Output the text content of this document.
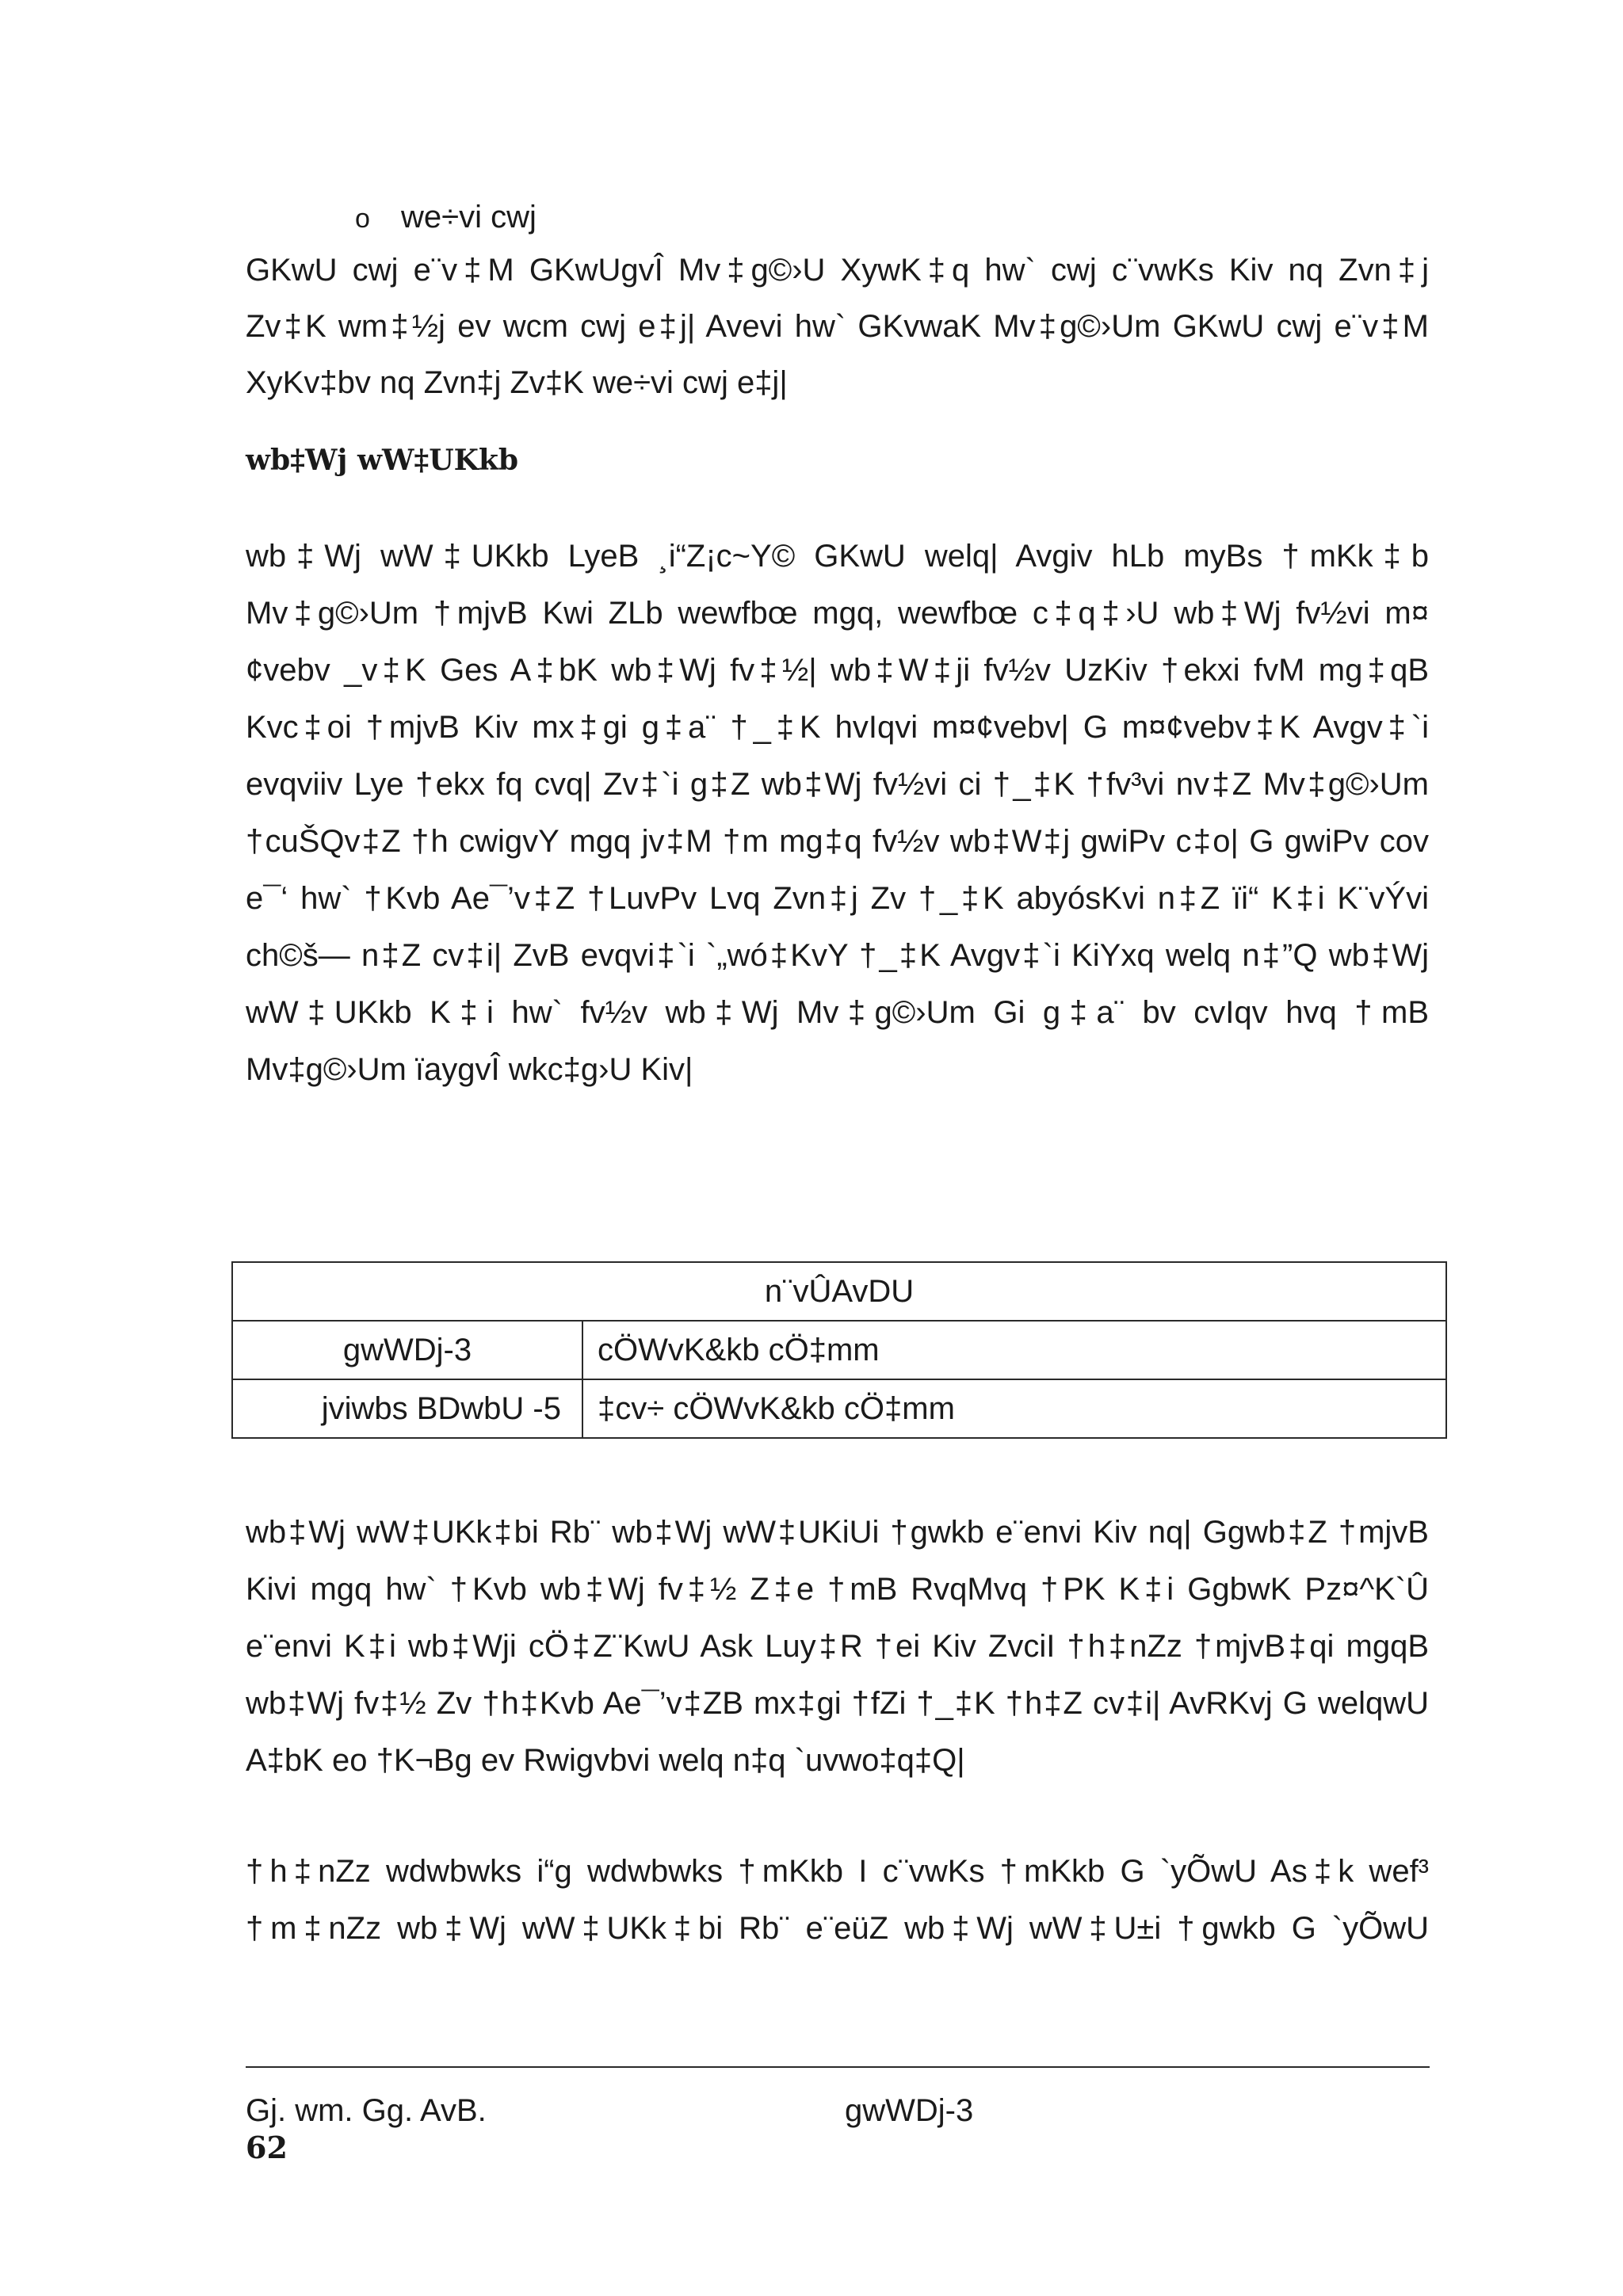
o we÷vi cwj
GKwU cwj e¨v‡M GKwUgvÎ Mv‡g©›U XywK‡q hw` cwj c¨vwKs Kiv nq Zvn‡j
Zv‡K wm‡½j ev wcm cwj e‡j| Avevi hw` GKvwaK Mv‡g©›Um GKwU cwj e¨v‡M
XyKv‡bv nq Zvn‡j Zv‡K we÷vi cwj e‡j|
wb‡Wj wW‡UKkb
wb‡Wj wW‡UKkb LyeB ¸i“Z¡c~Y© GKwU welq| Avgiv hLb myBs †mKk‡b
Mv‡g©›Um †mjvB Kwi ZLb wewfbœ mgq, wewfbœ c‡q‡›U wb‡Wj fv½vi m¤
¢vebv _v‡K Ges A‡bK wb‡Wj fv‡½| wb‡W‡ji fv½v UzKiv †ekxi fvM mg‡qB
Kvc‡oi †mjvB Kiv mx‡gi g‡a¨ †_‡K hvIqvi m¤¢vebv| G m¤¢vebv‡K Avgv‡`i
evqviiv Lye †ekx fq cvq| Zv‡`i g‡Z wb‡Wj fv½vi ci †_‡K †fv³vi nv‡Z Mv‡g©›Um
†cuŠQv‡Z †h cwigvY mgq jv‡M †m mg‡q fv½v wb‡W‡j gwiPv c‡o| G gwiPv cov
e¯‘ hw` †Kvb Ae¯’v‡Z †LuvPv Lvq Zvn‡j Zv †_‡K abyósKvi n‡Z ïi“ K‡i K¨vÝvi
ch©š— n‡Z cv‡i| ZvB evqvi‡`i `„wó‡KvY †_‡K Avgv‡`i KiYxq welq n‡”Q wb‡Wj
wW‡UKkb K‡i hw` fv½v wb‡Wj Mv‡g©›Um Gi g‡a¨ bv cvIqv hvq †mB
Mv‡g©›Um ïaygvÎ wkc‡g›U Kiv|
n¨vÛAvDU	
gwWDj-3	cÖWvK&kb cÖ‡mm
jviwbs BDwbU -5	‡cv÷ cÖWvK&kb cÖ‡mm
wb‡Wj wW‡UKk‡bi Rb¨ wb‡Wj wW‡UKiUi †gwkb e¨envi Kiv nq| Ggwb‡Z †mjvB
Kivi mgq hw` †Kvb wb‡Wj fv‡½ Z‡e †mB RvqMvq †PK K‡i GgbwK Pz¤^K`Û
e¨envi K‡i wb‡Wji cÖ‡Z¨KwU Ask Luy‡R †ei Kiv ZvciI †h‡nZz †mjvB‡qi mgqB
wb‡Wj fv‡½ Zv †h‡Kvb Ae¯’v‡ZB mx‡gi †fZi †_‡K †h‡Z cv‡i| AvRKvj G welqwU
A‡bK eo †K¬Bg ev Rwigvbvi welq n‡q `uvwo‡q‡Q|
†h‡nZz wdwbwks i“g wdwbwks †mKkb I c¨vwKs †mKkb G `yÕwU As‡k wef³
†m‡nZz wb‡Wj wW‡UKk‡bi Rb¨ e¨eüZ wb‡Wj wW‡U±i †gwkb G `yÕwU
Gj. wm. Gg. AvB.	gwWDj-3
62
